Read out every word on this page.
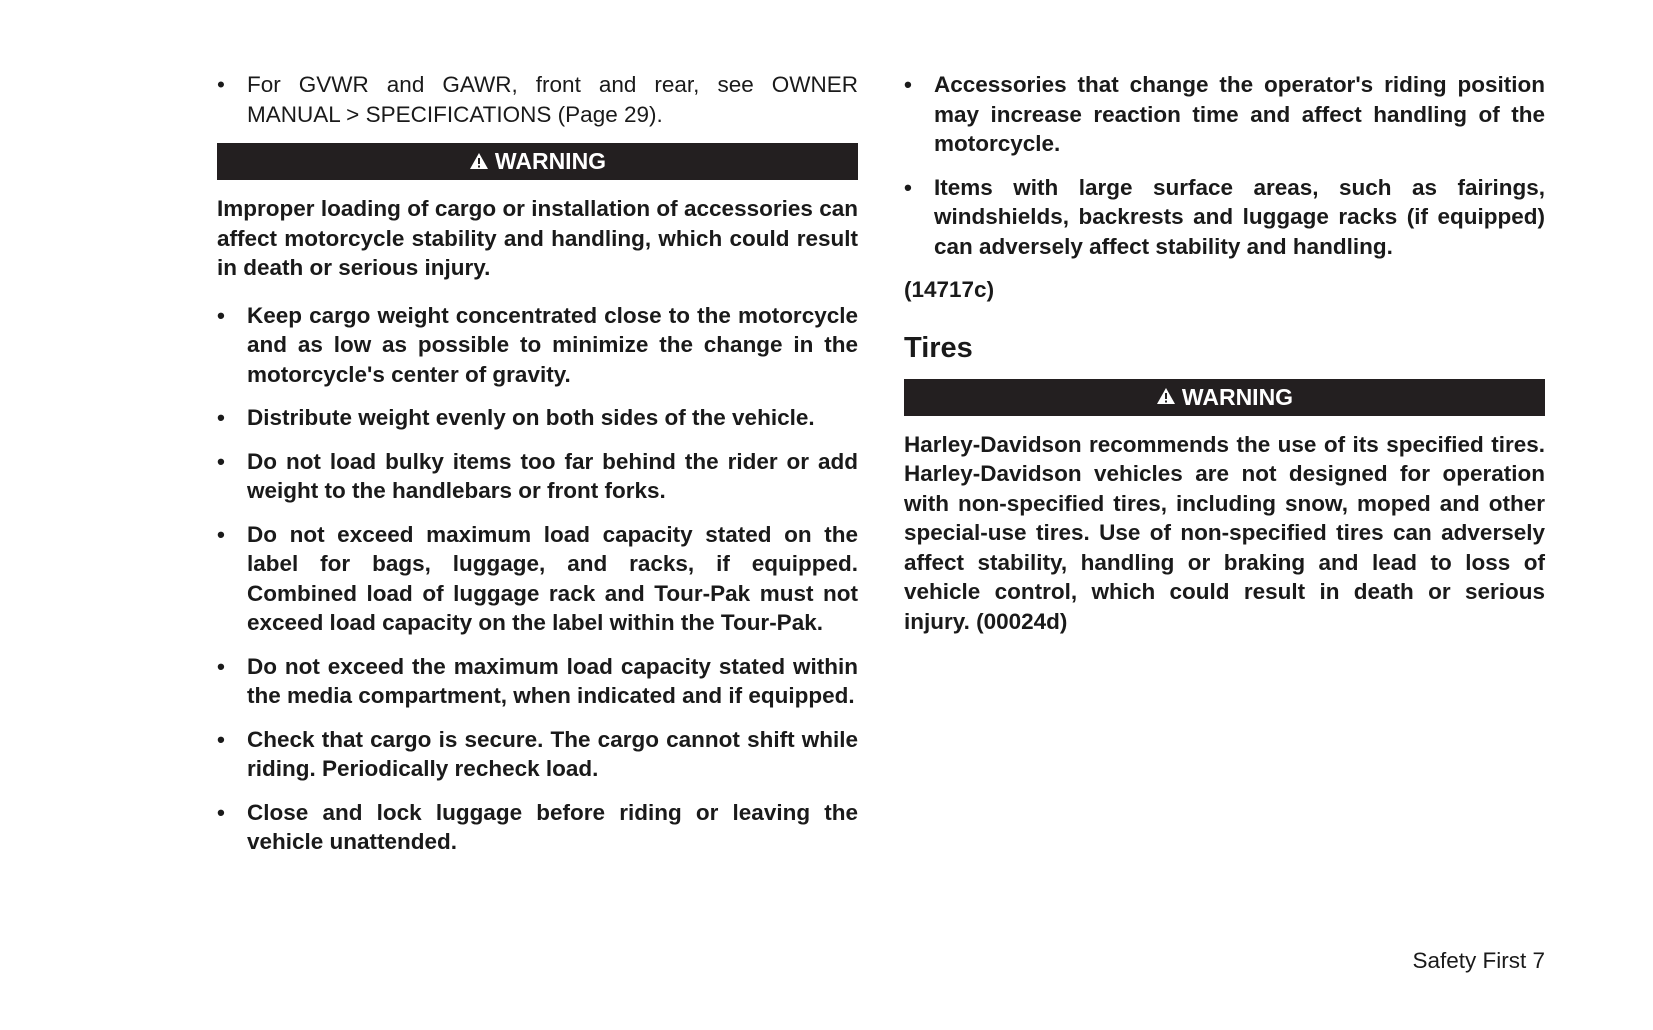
• For GVWR and GAWR, front and rear, see OWNER MANUAL > SPECIFICATIONS (Page 29).
WARNING

Improper loading of cargo or installation of accessories can affect motorcycle stability and handling, which could result in death or serious injury.

• Keep cargo weight concentrated close to the motorcycle and as low as possible to minimize the change in the motorcycle's center of gravity.
• Distribute weight evenly on both sides of the vehicle.
• Do not load bulky items too far behind the rider or add weight to the handlebars or front forks.
• Do not exceed maximum load capacity stated on the label for bags, luggage, and racks, if equipped. Combined load of luggage rack and Tour-Pak must not exceed load capacity on the label within the Tour-Pak.
• Do not exceed the maximum load capacity stated within the media compartment, when indicated and if equipped.
• Check that cargo is secure. The cargo cannot shift while riding. Periodically recheck load.
• Close and lock luggage before riding or leaving the vehicle unattended.
• Accessories that change the operator's riding position may increase reaction time and affect handling of the motorcycle.
• Items with large surface areas, such as fairings, windshields, backrests and luggage racks (if equipped) can adversely affect stability and handling.

(14717c)

Tires
WARNING

Harley-Davidson recommends the use of its specified tires. Harley-Davidson vehicles are not designed for operation with non-specified tires, including snow, moped and other special-use tires. Use of non-specified tires can adversely affect stability, handling or braking and lead to loss of vehicle control, which could result in death or serious injury. (00024d)

Safety First 7
